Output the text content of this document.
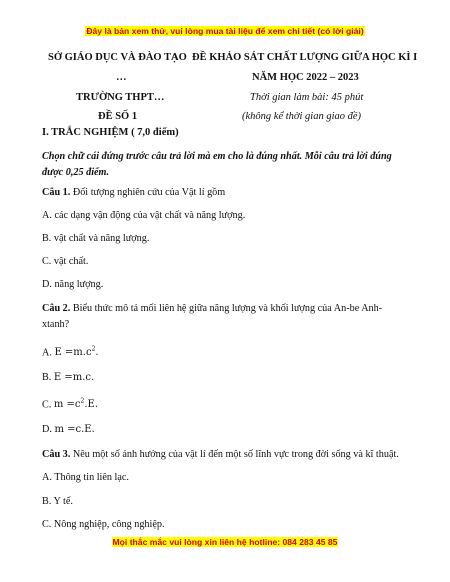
Đây là bản xem thử, vui lòng mua tài liệu để xem chi tiết (có lời giải)
SỞ GIÁO DỤC VÀ ĐÀO TẠO
…
TRƯỜNG THPT…
ĐỀ SỐ 1
ĐỀ KHẢO SÁT CHẤT LƯỢNG GIỮA HỌC KÌ I
NĂM HỌC 2022 – 2023
Thời gian làm bài: 45 phút
(không kể thời gian giao đề)
I. TRẮC NGHIỆM ( 7,0 điểm)
Chọn chữ cái đứng trước câu trả lời mà em cho là đúng nhất. Mỗi câu trả lời đúng
được 0,25 điểm.
Câu 1. Đối tượng nghiên cứu của Vật lí gồm
A. các dạng vận động của vật chất và năng lượng.
B. vật chất và năng lượng.
C. vật chất.
D. năng lượng.
Câu 2. Biểu thức mô tả mối liên hệ giữa năng lượng và khối lượng của An-be Anh-
xtanh?
A. $E =m.c^2$.
B. E =m.c.
C. $m =c^2.E$.
D. m =c.E.
Câu 3. Nêu một số ảnh hưởng của vật lí đến một số lĩnh vực trong đời sống và kĩ thuật.
A. Thông tin liên lạc.
B. Y tế.
C. Nông nghiệp, công nghiệp.
Mọi thắc mắc vui lòng xin liên hệ hotline: 084 283 45 85
